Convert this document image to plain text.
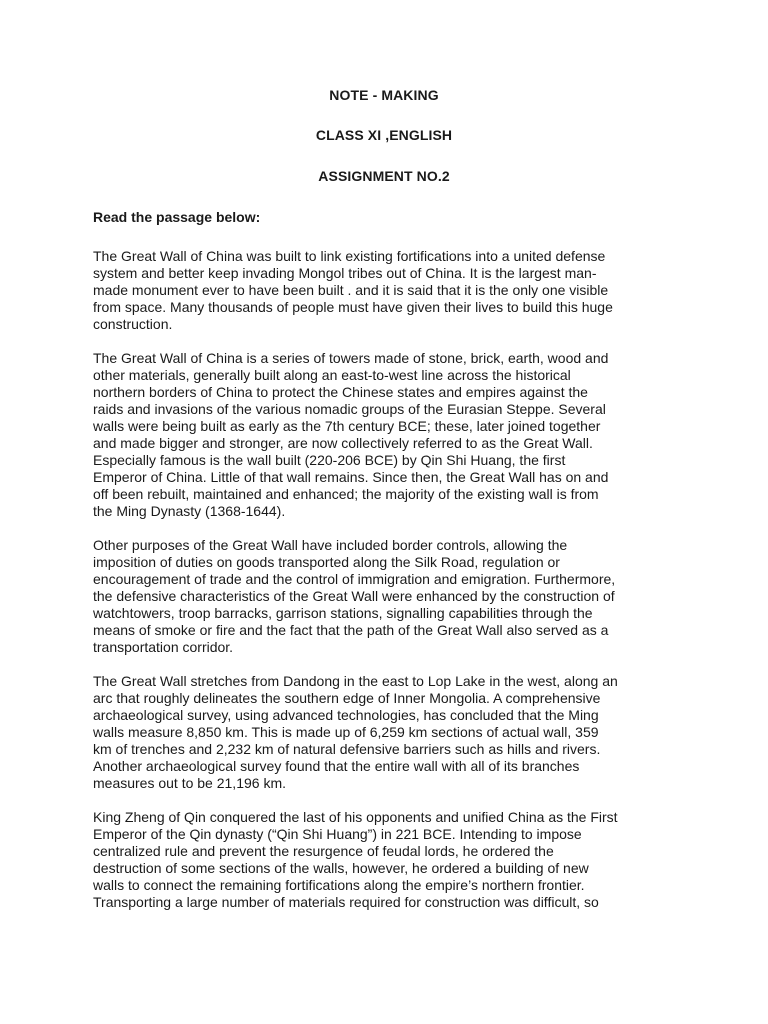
NOTE - MAKING
CLASS XI ,ENGLISH
ASSIGNMENT NO.2

Read the passage below:

The Great Wall of China was built to link existing fortifications into a united defense
system and better keep invading Mongol tribes out of China. It is the largest man-
made monument ever to have been built . and it is said that it is the only one visible
from space. Many thousands of people must have given their lives to build this huge
construction.

The Great Wall of China is a series of towers made of stone, brick, earth, wood and
other materials, generally built along an east-to-west line across the historical
northern borders of China to protect the Chinese states and empires against the
raids and invasions of the various nomadic groups of the Eurasian Steppe. Several
walls were being built as early as the 7th century BCE; these, later joined together
and made bigger and stronger, are now collectively referred to as the Great Wall.
Especially famous is the wall built (220-206 BCE) by Qin Shi Huang, the first
Emperor of China. Little of that wall remains. Since then, the Great Wall has on and
off been rebuilt, maintained and enhanced; the majority of the existing wall is from
the Ming Dynasty (1368-1644).

Other purposes of the Great Wall have included border controls, allowing the
imposition of duties on goods transported along the Silk Road, regulation or
encouragement of trade and the control of immigration and emigration. Furthermore,
the defensive characteristics of the Great Wall were enhanced by the construction of
watchtowers, troop barracks, garrison stations, signalling capabilities through the
means of smoke or fire and the fact that the path of the Great Wall also served as a
transportation corridor.

The Great Wall stretches from Dandong in the east to Lop Lake in the west, along an
arc that roughly delineates the southern edge of Inner Mongolia. A comprehensive
archaeological survey, using advanced technologies, has concluded that the Ming
walls measure 8,850 km. This is made up of 6,259 km sections of actual wall, 359
km of trenches and 2,232 km of natural defensive barriers such as hills and rivers.
Another archaeological survey found that the entire wall with all of its branches
measures out to be 21,196 km.

King Zheng of Qin conquered the last of his opponents and unified China as the First
Emperor of the Qin dynasty (“Qin Shi Huang”) in 221 BCE. Intending to impose
centralized rule and prevent the resurgence of feudal lords, he ordered the
destruction of some sections of the walls, however, he ordered a building of new
walls to connect the remaining fortifications along the empire’s northern frontier.
Transporting a large number of materials required for construction was difficult, so
